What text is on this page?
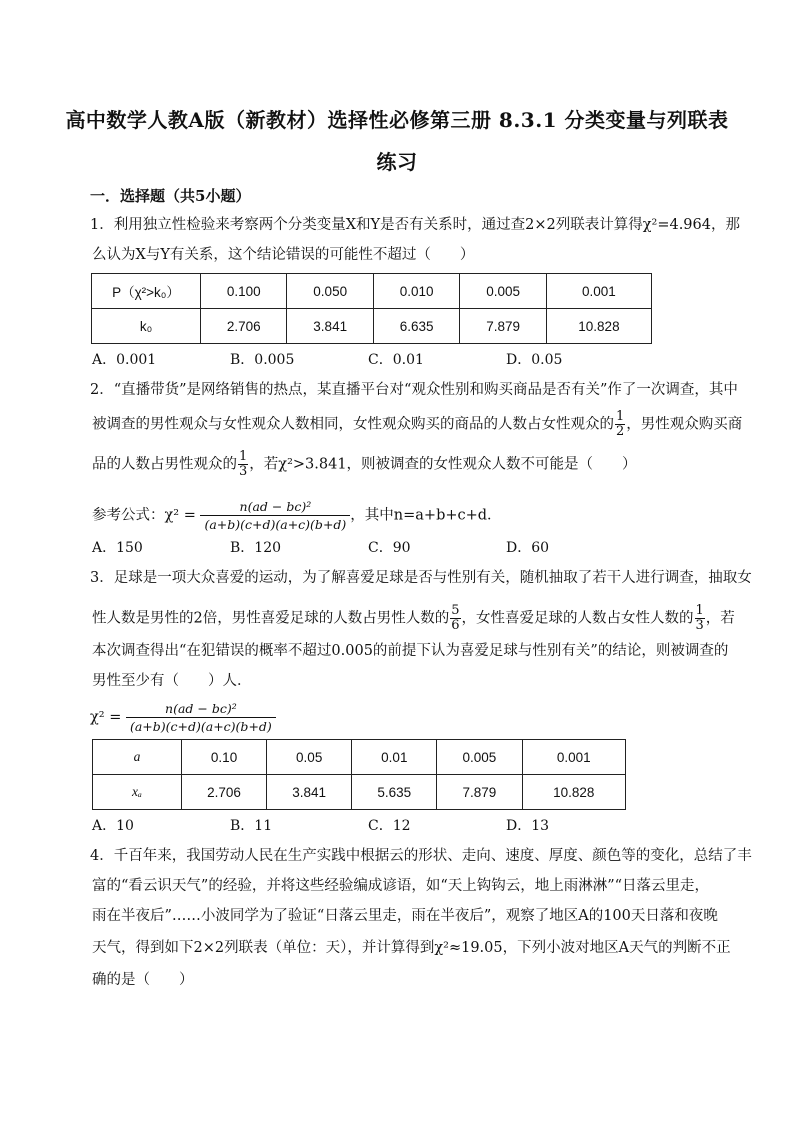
高中数学人教A版（新教材）选择性必修第三册 8.3.1 分类变量与列联表
练习
一．选择题（共5小题）
1．利用独立性检验来考察两个分类变量X和Y是否有关系时，通过查2×2列联表计算得χ²=4.964，那
么认为X与Y有关系，这个结论错误的可能性不超过（　　）
P（χ²>k₀）	0.100	0.050	0.010	0.005	0.001
k₀	2.706	3.841	6.635	7.879	10.828
A．0.001	B．0.005	C．0.01	D．0.05
2．“直播带货”是网络销售的热点，某直播平台对“观众性别和购买商品是否有关”作了一次调查，其中
被调查的男性观众与女性观众人数相同，女性观众购买的商品的人数占女性观众的 $\frac{1}{2}$ ，男性观众购买商
品的人数占男性观众的 $\frac{1}{3}$ ，若χ²>3.841，则被调查的女性观众人数不可能是（　　）
参考公式：$\chi^2 = \frac{\text{n(ad − bc)²}}{(a+b)(c+d)(a+c)(b+d)}$ ，其中n=a+b+c+d．
A．150	B．120	C．90	D．60
3．足球是一项大众喜爱的运动，为了解喜爱足球是否与性别有关，随机抽取了若干人进行调查，抽取女
性人数是男性的2倍，男性喜爱足球的人数占男性人数的 $\frac{5}{6}$ ，女性喜爱足球的人数占女性人数的 $\frac{1}{3}$ ，若
本次调查得出“在犯错误的概率不超过0.005的前提下认为喜爱足球与性别有关”的结论，则被调查的
男性至少有（　　）人．
$\chi^2 = \frac{\text{n(ad − bc)²}}{(a+b)(c+d)(a+c)(b+d)}$
a	0.10	0.05	0.01	0.005	0.001
xₐ	2.706	3.841	5.635	7.879	10.828
A．10	B．11	C．12	D．13
4．千百年来，我国劳动人民在生产实践中根据云的形状、走向、速度、厚度、颜色等的变化，总结了丰
富的“看云识天气”的经验，并将这些经验编成谚语，如“天上钩钩云，地上雨淋淋”“日落云里走，
雨在半夜后”……小波同学为了验证“日落云里走，雨在半夜后”，观察了地区A的100天日落和夜晚
天气，得到如下2×2列联表（单位：天），并计算得到χ²≈19.05，下列小波对地区A天气的判断不正
确的是（　　）
